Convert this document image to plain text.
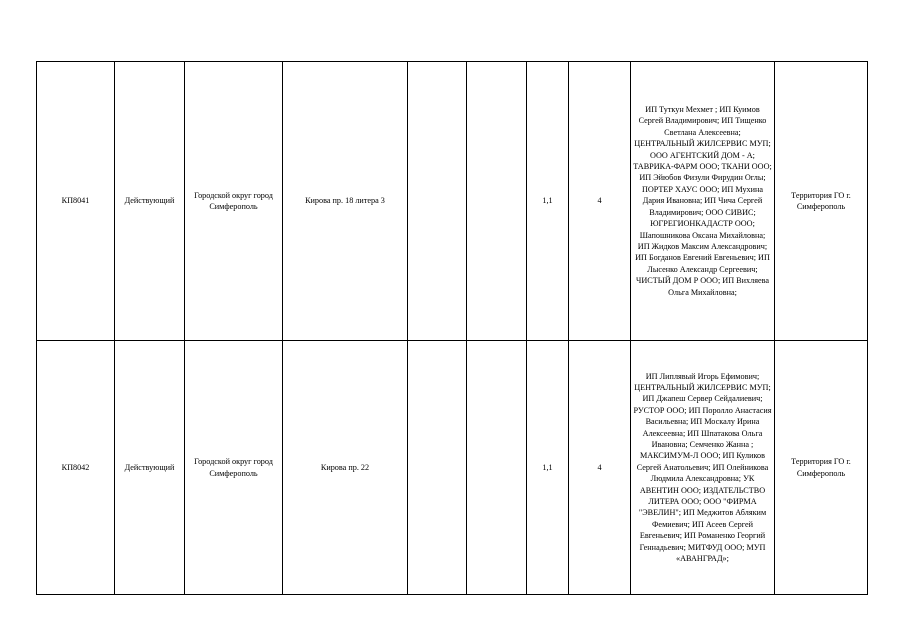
КП8041	Действующий	Городской округ город Симферополь	Кирова пр. 18 литера 3			1,1	4	ИП Туткун Мехмет ; ИП Куимов Сергей Владимирович; ИП Тищенко Светлана Алексеевна; ЦЕНТРАЛЬНЫЙ ЖИЛСЕРВИС МУП; ООО АГЕНТСКИЙ ДОМ - А; ТАВРИКА-ФАРМ ООО; ТКАНИ ООО; ИП Эйюбов Физули Фирудин Оглы; ПОРТЕР ХАУС ООО; ИП Мухина Дария Ивановна; ИП Чича Сергей Владимирович; ООО СИВИС; ЮГРЕГИОНКАДАСТР ООО; Шапошникова Оксана Михайловна; ИП Жидков Максим Александрович; ИП Богданов Евгений Евгеньевич; ИП Лысенко Александр Сергеевич; ЧИСТЫЙ ДОМ Р ООО; ИП Вихляева Ольга Михайловна;	Территория ГО г. Симферополь
КП8042	Действующий	Городской округ город Симферополь	Кирова пр. 22			1,1	4	ИП Липлявый Игорь Ефимович; ЦЕНТРАЛЬНЫЙ ЖИЛСЕРВИС МУП; ИП Джапеш Сервер Сейдалиевич; РУСТОР ООО; ИП Поролло Анастасия Васильевна; ИП Москалу Ирина Алексеевна; ИП Шпатакова Ольга Ивановна; Семченко Жанна ; МАКСИМУМ-Л ООО; ИП Куликов Сергей Анатольевич; ИП Олейникова Людмила Александровна; УК АВЕНТИН ООО; ИЗДАТЕЛЬСТВО ЛИТЕРА ООО; ООО "ФИРМА "ЭВЕЛИН"; ИП Меджитов Абляким Фемиевич; ИП Асеев Сергей Евгеньевич; ИП Романенко Георгий Геннадьевич; МИТФУД ООО; МУП «АВАНГРАД»;	Территория ГО г. Симферополь
